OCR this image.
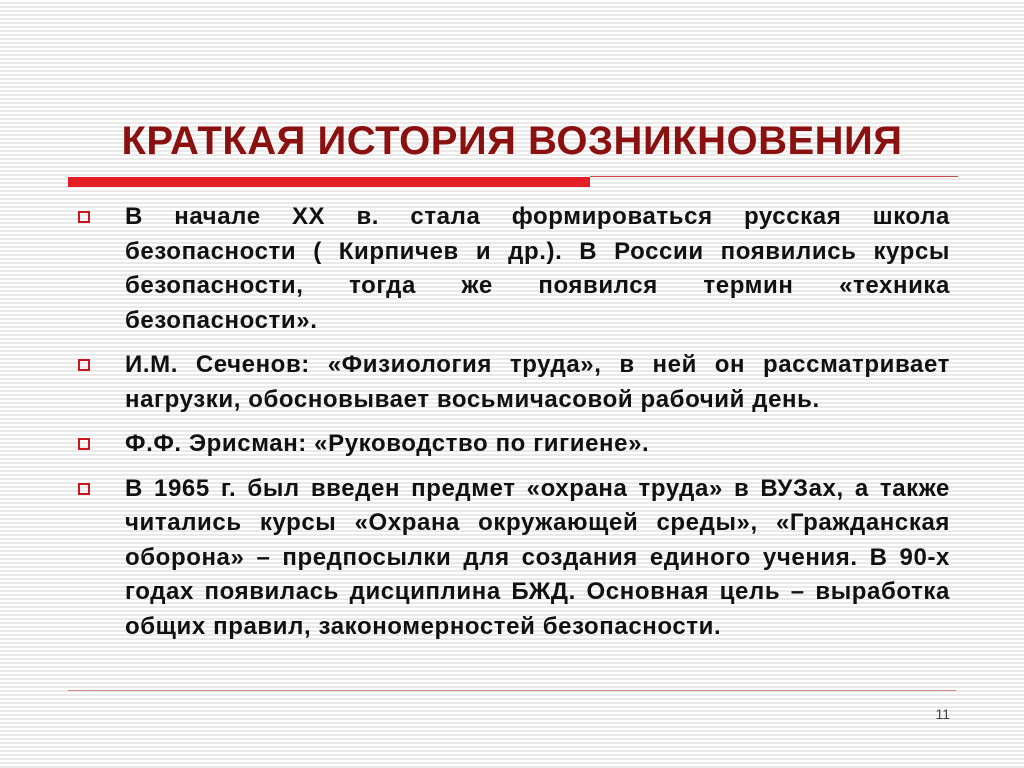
КРАТКАЯ ИСТОРИЯ ВОЗНИКНОВЕНИЯ
В начале XX в. стала формироваться русская школа безопасности ( Кирпичев и др.). В России появились курсы безопасности, тогда же появился термин «техника безопасности».
И.М. Сеченов: «Физиология труда», в ней он рассматривает нагрузки, обосновывает восьмичасовой рабочий день.
Ф.Ф. Эрисман: «Руководство по гигиене».
В 1965 г. был введен предмет «охрана труда» в ВУЗах, а также читались курсы «Охрана окружающей среды», «Гражданская оборона» – предпосылки для создания единого учения. В 90-х годах появилась дисциплина БЖД. Основная цель – выработка общих правил, закономерностей безопасности.
11
